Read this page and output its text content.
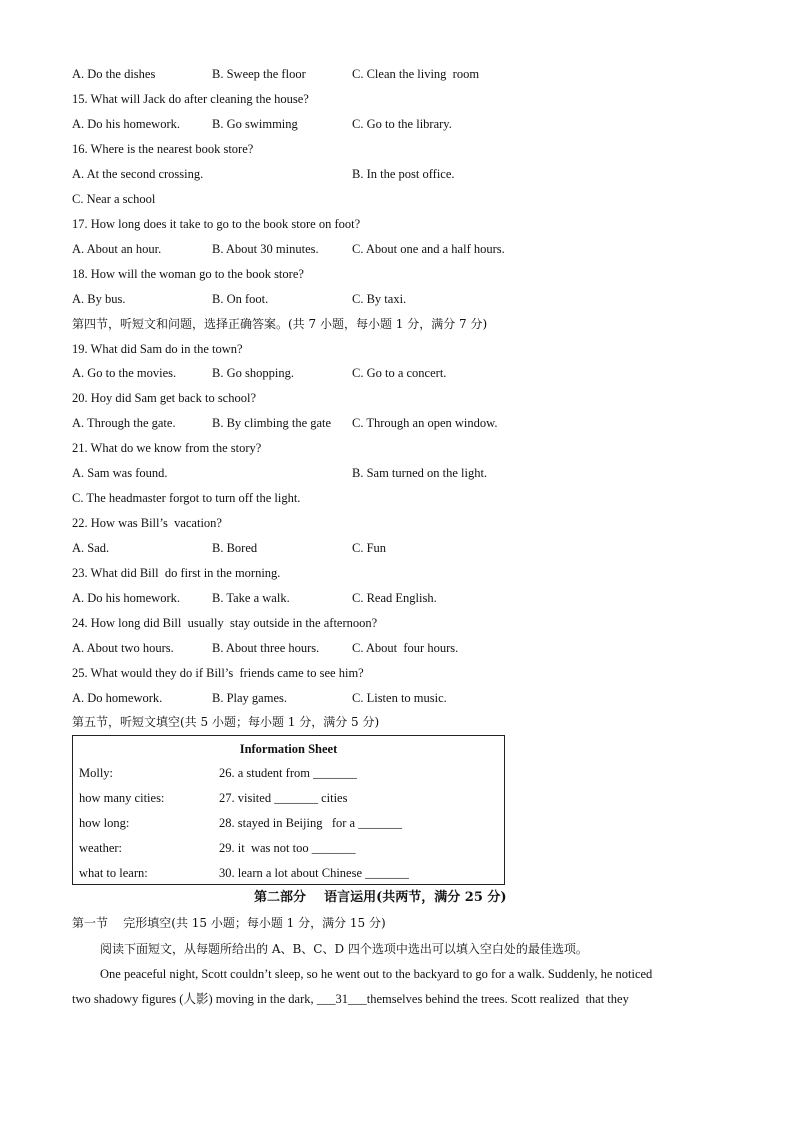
A. Do the dishes	B. Sweep the floor	C. Clean the living  room
15. What will Jack do after cleaning the house?
A. Do his homework.	B. Go swimming	C. Go to the library.
16. Where is the nearest book store?
A. At the second crossing.	B. In the post office.
C. Near a school
17. How long does it take to go to the book store on foot?
A. About an hour.	B. About 30 minutes.	C. About one and a half hours.
18. How will the woman go to the book store?
A. By bus.	B. On foot.	C. By taxi.
第四节，听短文和问题，选择正确答案。(共 7 小题，每小题 1 分，满分 7 分)
19. What did Sam do in the town?
A. Go to the movies.	B. Go shopping.	C. Go to a concert.
20. Hoy did Sam get back to school?
A. Through the gate.	B. By climbing the gate C. Through an open window.
21. What do we know from the story?
A. Sam was found.	B. Sam turned on the light.
C. The headmaster forgot to turn off the light.
22. How was Bill’s  vacation?
A. Sad.	B. Bored	C. Fun
23. What did Bill  do first in the morning.
A. Do his homework.	B. Take a walk.	C. Read English.
24. How long did Bill  usually  stay outside in the afternoon?
A. About two hours.	B. About three hours.	C. About  four hours.
25. What would they do if Bill’s  friends came to see him?
A. Do homework.	B. Play games.	C. Listen to music.
第五节，听短文填空(共 5 小题；每小题 1 分，满分 5 分)
Information Sheet
Molly:	26. a student from _______
how many cities:	27. visited _______ cities
how long:	28. stayed in Beijing   for a _______
weather:	29. it  was not too _______
what to learn:	30. learn a lot about Chinese _______
第二部分    语言运用(共两节，满分 25 分)
第一节    完形填空(共 15 小题；每小题 1 分，满分 15 分)
阅读下面短文，从每题所给出的 A、B、C、D 四个选项中选出可以填入空白处的最佳选项。
One peaceful night, Scott couldn’t sleep, so he went out to the backyard to go for a walk. Suddenly, he noticed
two shadowy figures (人影) moving in the dark, ___31___themselves behind the trees. Scott realized  that they
